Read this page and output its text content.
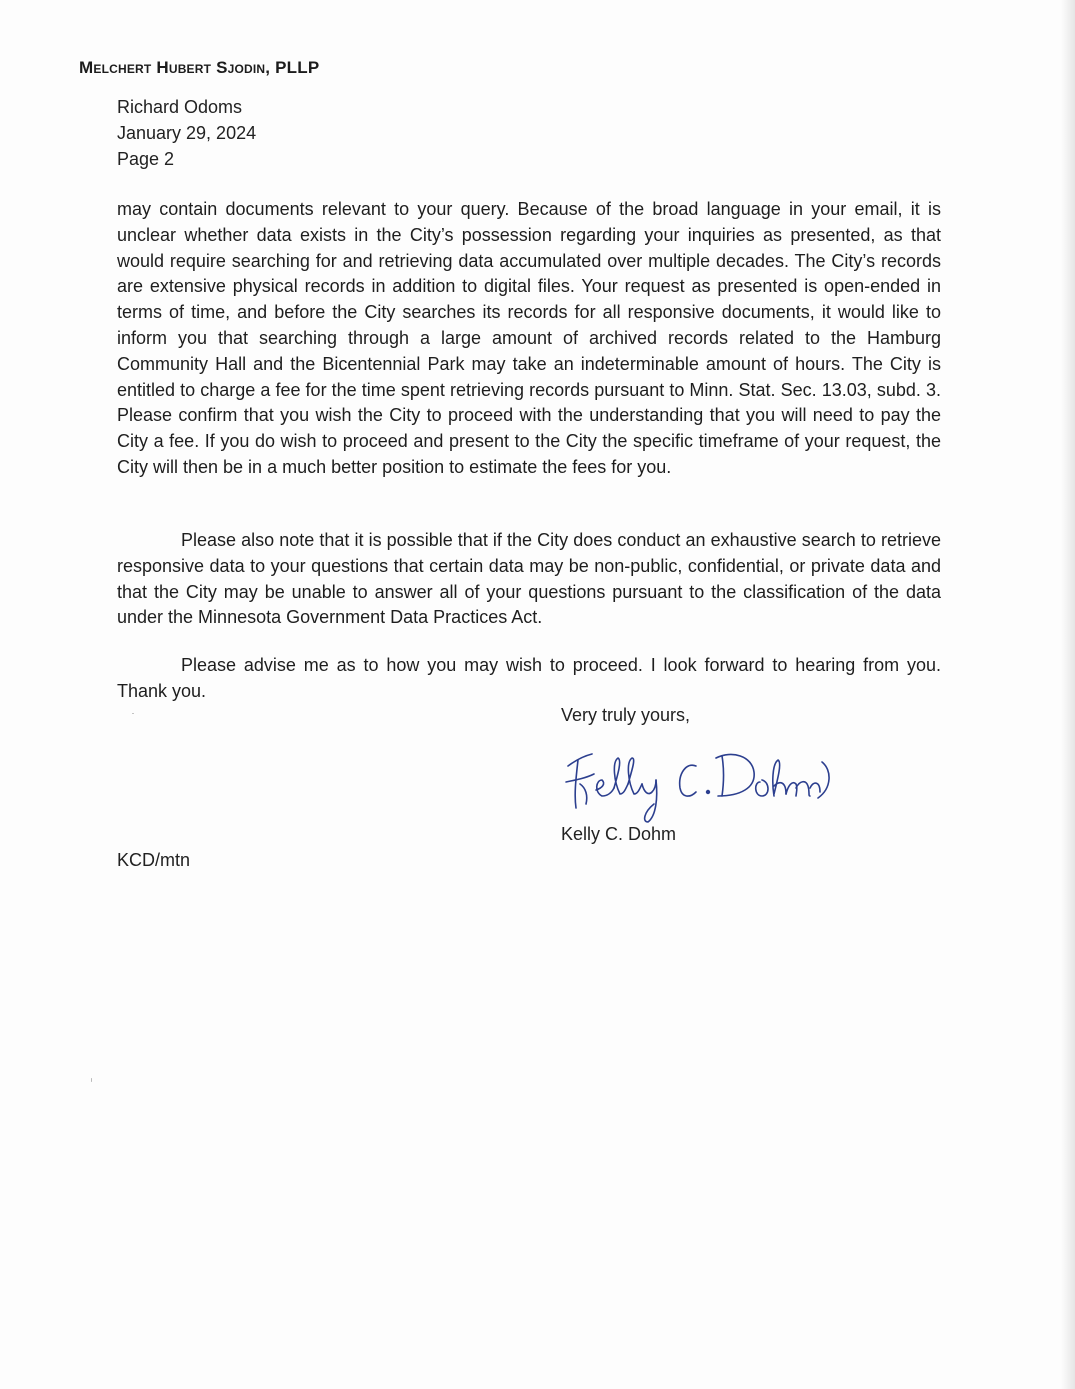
Melchert Hubert Sjodin, PLLP
Richard Odoms
January 29, 2024
Page 2
may contain documents relevant to your query. Because of the broad language in your email, it is unclear whether data exists in the City’s possession regarding your inquiries as presented, as that would require searching for and retrieving data accumulated over multiple decades. The City’s records are extensive physical records in addition to digital files. Your request as presented is open-ended in terms of time, and before the City searches its records for all responsive documents, it would like to inform you that searching through a large amount of archived records related to the Hamburg Community Hall and the Bicentennial Park may take an indeterminable amount of hours. The City is entitled to charge a fee for the time spent retrieving records pursuant to Minn. Stat. Sec. 13.03, subd. 3. Please confirm that you wish the City to proceed with the understanding that you will need to pay the City a fee. If you do wish to proceed and present to the City the specific timeframe of your request, the City will then be in a much better position to estimate the fees for you.
Please also note that it is possible that if the City does conduct an exhaustive search to retrieve responsive data to your questions that certain data may be non-public, confidential, or private data and that the City may be unable to answer all of your questions pursuant to the classification of the data under the Minnesota Government Data Practices Act.
Please advise me as to how you may wish to proceed. I look forward to hearing from you. Thank you.
Very truly yours,
Kelly C. Dohm
KCD/mtn
